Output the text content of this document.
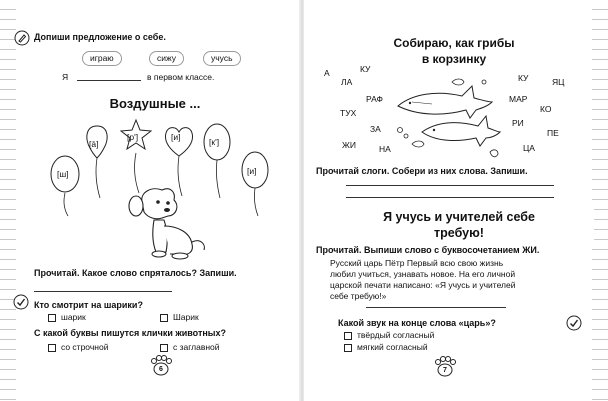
Допиши предложение о себе.
играю	сижу	учусь
Я	в первом классе.
Воздушные ...
[ш]
[а̄]
[р']	[и]	[к']
[и]
Прочитай. Какое слово спряталось? Запиши.
Кто смотрит на шарики?
шарик	Шарик
С какой буквы пишутся клички животных?
со строчной	с заглавной
6
Собираю, как грибы
в корзинку
КУ
А
ЛА
РАФ
ТУХ
ЗА
ЖИ	НА
КУ	ЯЦ
МАР
КО
РИ
ПЕ
ЦА
Прочитай слоги. Собери из них слова. Запиши.
Я учусь и учителей себе
требую!
Прочитай. Выпиши слово с буквосочетанием ЖИ.
Русский царь Пётр Первый всю свою жизнь
любил учиться, узнавать новое. На его личной
царской печати написано: «Я учусь и учителей
себе требую!»
Какой звук на конце слова «царь»?
твёрдый согласный
мягкий согласный
7
